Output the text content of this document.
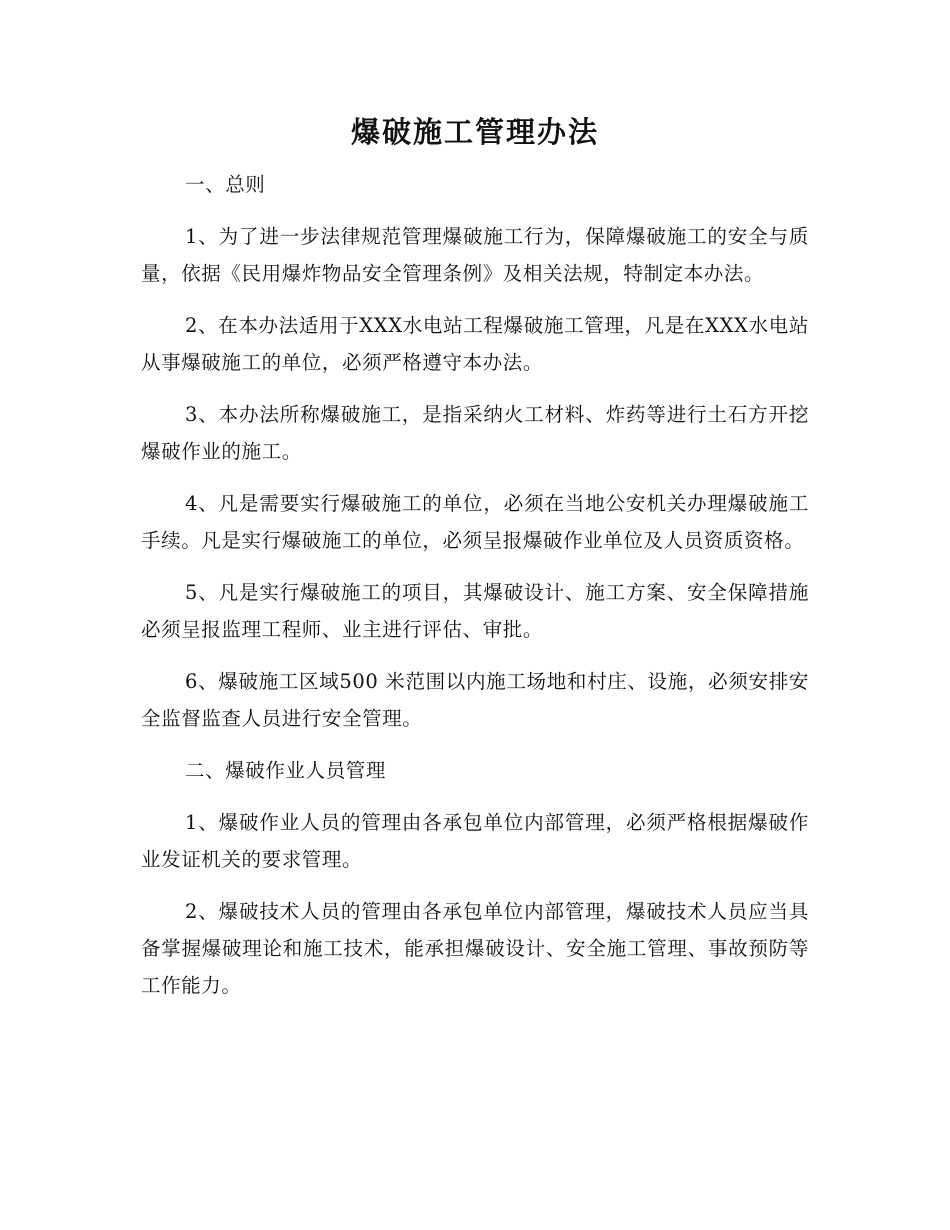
爆破施工管理办法

一、总则

1、为了进一步法律规范管理爆破施工行为，保障爆破施工的安全与质量，依据《民用爆炸物品安全管理条例》及相关法规，特制定本办法。

2、在本办法适用于XXX水电站工程爆破施工管理，凡是在XXX水电站从事爆破施工的单位，必须严格遵守本办法。

3、本办法所称爆破施工，是指采纳火工材料、炸药等进行土石方开挖爆破作业的施工。

4、凡是需要实行爆破施工的单位，必须在当地公安机关办理爆破施工手续。凡是实行爆破施工的单位，必须呈报爆破作业单位及人员资质资格。

5、凡是实行爆破施工的项目，其爆破设计、施工方案、安全保障措施必须呈报监理工程师、业主进行评估、审批。

6、爆破施工区域500 米范围以内施工场地和村庄、设施，必须安排安全监督监查人员进行安全管理。

二、爆破作业人员管理

1、爆破作业人员的管理由各承包单位内部管理，必须严格根据爆破作业发证机关的要求管理。

2、爆破技术人员的管理由各承包单位内部管理，爆破技术人员应当具备掌握爆破理论和施工技术，能承担爆破设计、安全施工管理、事故预防等工作能力。
